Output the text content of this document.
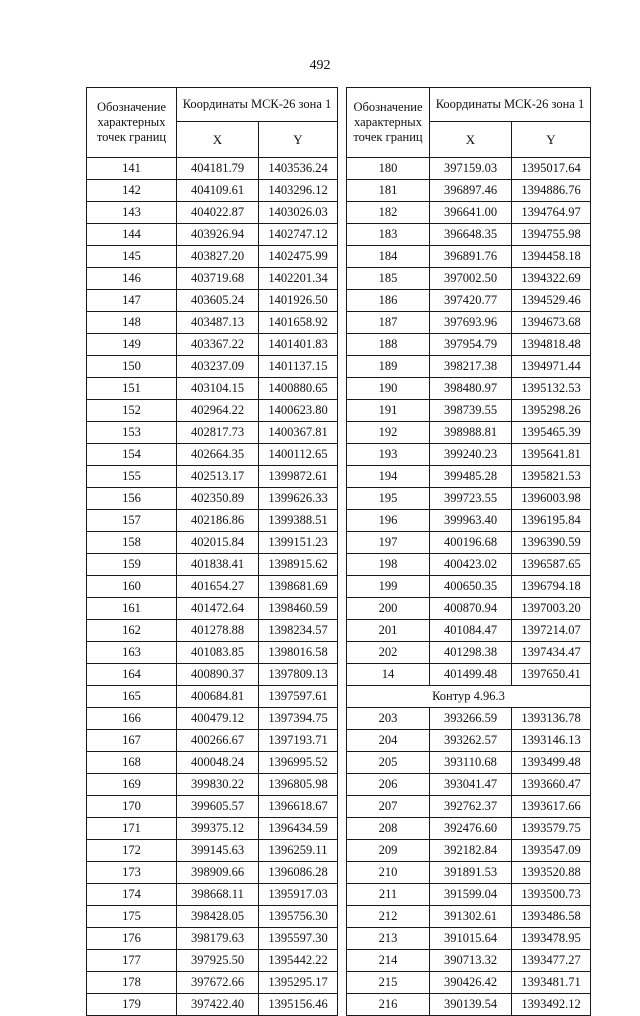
492
Обозначение характерных точек границ	Координаты МСК-26 зона 1	
	X	Y
141	404181.79	1403536.24
142	404109.61	1403296.12
143	404022.87	1403026.03
144	403926.94	1402747.12
145	403827.20	1402475.99
146	403719.68	1402201.34
147	403605.24	1401926.50
148	403487.13	1401658.92
149	403367.22	1401401.83
150	403237.09	1401137.15
151	403104.15	1400880.65
152	402964.22	1400623.80
153	402817.73	1400367.81
154	402664.35	1400112.65
155	402513.17	1399872.61
156	402350.89	1399626.33
157	402186.86	1399388.51
158	402015.84	1399151.23
159	401838.41	1398915.62
160	401654.27	1398681.69
161	401472.64	1398460.59
162	401278.88	1398234.57
163	401083.85	1398016.58
164	400890.37	1397809.13
165	400684.81	1397597.61
166	400479.12	1397394.75
167	400266.67	1397193.71
168	400048.24	1396995.52
169	399830.22	1396805.98
170	399605.57	1396618.67
171	399375.12	1396434.59
172	399145.63	1396259.11
173	398909.66	1396086.28
174	398668.11	1395917.03
175	398428.05	1395756.30
176	398179.63	1395597.30
177	397925.50	1395442.22
178	397672.66	1395295.17
179	397422.40	1395156.46
Обозначение характерных точек границ	Координаты МСК-26 зона 1	
	X	Y
180	397159.03	1395017.64
181	396897.46	1394886.76
182	396641.00	1394764.97
183	396648.35	1394755.98
184	396891.76	1394458.18
185	397002.50	1394322.69
186	397420.77	1394529.46
187	397693.96	1394673.68
188	397954.79	1394818.48
189	398217.38	1394971.44
190	398480.97	1395132.53
191	398739.55	1395298.26
192	398988.81	1395465.39
193	399240.23	1395641.81
194	399485.28	1395821.53
195	399723.55	1396003.98
196	399963.40	1396195.84
197	400196.68	1396390.59
198	400423.02	1396587.65
199	400650.35	1396794.18
200	400870.94	1397003.20
201	401084.47	1397214.07
202	401298.38	1397434.47
14	401499.48	1397650.41
Контур 4.96.3		
203	393266.59	1393136.78
204	393262.57	1393146.13
205	393110.68	1393499.48
206	393041.47	1393660.47
207	392762.37	1393617.66
208	392476.60	1393579.75
209	392182.84	1393547.09
210	391891.53	1393520.88
211	391599.04	1393500.73
212	391302.61	1393486.58
213	391015.64	1393478.95
214	390713.32	1393477.27
215	390426.42	1393481.71
216	390139.54	1393492.12
